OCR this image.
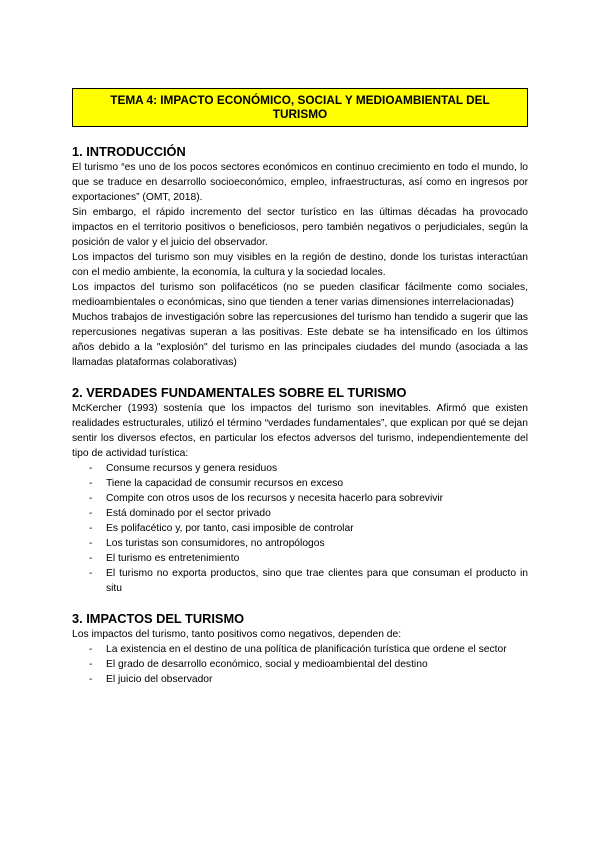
TEMA 4: IMPACTO ECONÓMICO, SOCIAL Y MEDIOAMBIENTAL DEL TURISMO
1. INTRODUCCIÓN

El turismo “es uno de los pocos sectores económicos en continuo crecimiento en todo el mundo, lo que se traduce en desarrollo socioeconómico, empleo, infraestructuras, así como en ingresos por exportaciones” (OMT, 2018).

Sin embargo, el rápido incremento del sector turístico en las últimas décadas ha provocado impactos en el territorio positivos o beneficiosos, pero también negativos o perjudiciales, según la posición de valor y el juicio del observador.

Los impactos del turismo son muy visibles en la región de destino, donde los turistas interactúan con el medio ambiente, la economía, la cultura y la sociedad locales.

Los impactos del turismo son polifacéticos (no se pueden clasificar fácilmente como sociales, medioambientales o económicas, sino que tienden a tener varias dimensiones interrelacionadas)

Muchos trabajos de investigación sobre las repercusiones del turismo han tendido a sugerir que las repercusiones negativas superan a las positivas. Este debate se ha intensificado en los últimos años debido a la "explosión" del turismo en las principales ciudades del mundo (asociada a las llamadas plataformas colaborativas)

2. VERDADES FUNDAMENTALES SOBRE EL TURISMO

McKercher (1993) sostenía que los impactos del turismo son inevitables. Afirmó que existen realidades estructurales, utilizó el término “verdades fundamentales”, que explican por qué se dejan sentir los diversos efectos, en particular los efectos adversos del turismo, independientemente del tipo de actividad turística:

- Consume recursos y genera residuos
- Tiene la capacidad de consumir recursos en exceso
- Compite con otros usos de los recursos y necesita hacerlo para sobrevivir
- Está dominado por el sector privado
- Es polifacético y, por tanto, casi imposible de controlar
- Los turistas son consumidores, no antropólogos
- El turismo es entretenimiento
- El turismo no exporta productos, sino que trae clientes para que consuman el producto in situ
3. IMPACTOS DEL TURISMO

Los impactos del turismo, tanto positivos como negativos, dependen de:

- La existencia en el destino de una política de planificación turística que ordene el sector
- El grado de desarrollo económico, social y medioambiental del destino
- El juicio del observador
